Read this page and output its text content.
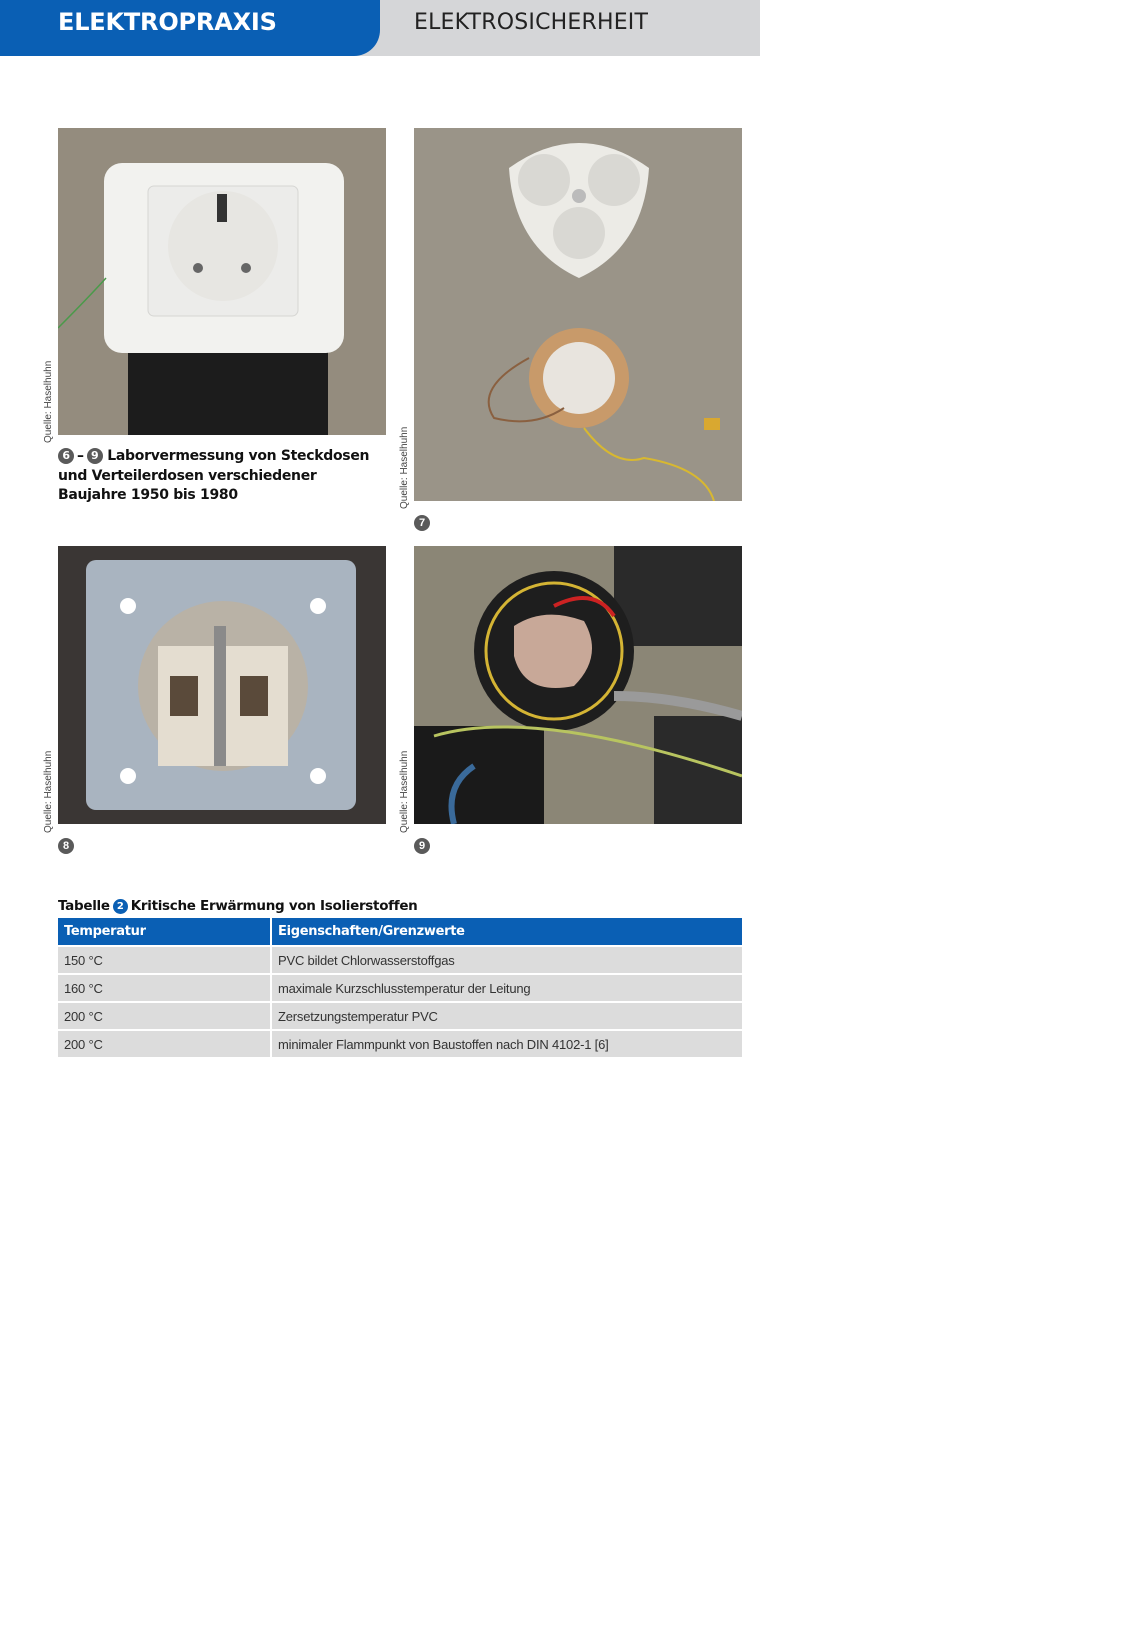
ELEKTROSICHERHEIT
ELEKTROPRAXIS
Quelle: Haselhuhn
Quelle: Haselhuhn
6 – 9 Laborvermessung von Steckdosen und Verteilerdosen verschiedener Baujahre 1950 bis 1980
7
Quelle: Haselhuhn	Quelle: Haselhuhn
8	9
Tabelle 2 Kritische Erwärmung von Isolierstoffen
Temperatur	Eigenschaften/Grenzwerte
150 °C	PVC bildet Chlorwasserstoffgas
160 °C	maximale Kurzschlusstemperatur der Leitung
200 °C	Zersetzungstemperatur PVC
200 °C	minimaler Flammpunkt von Baustoffen nach DIN 4102-1 [6]
